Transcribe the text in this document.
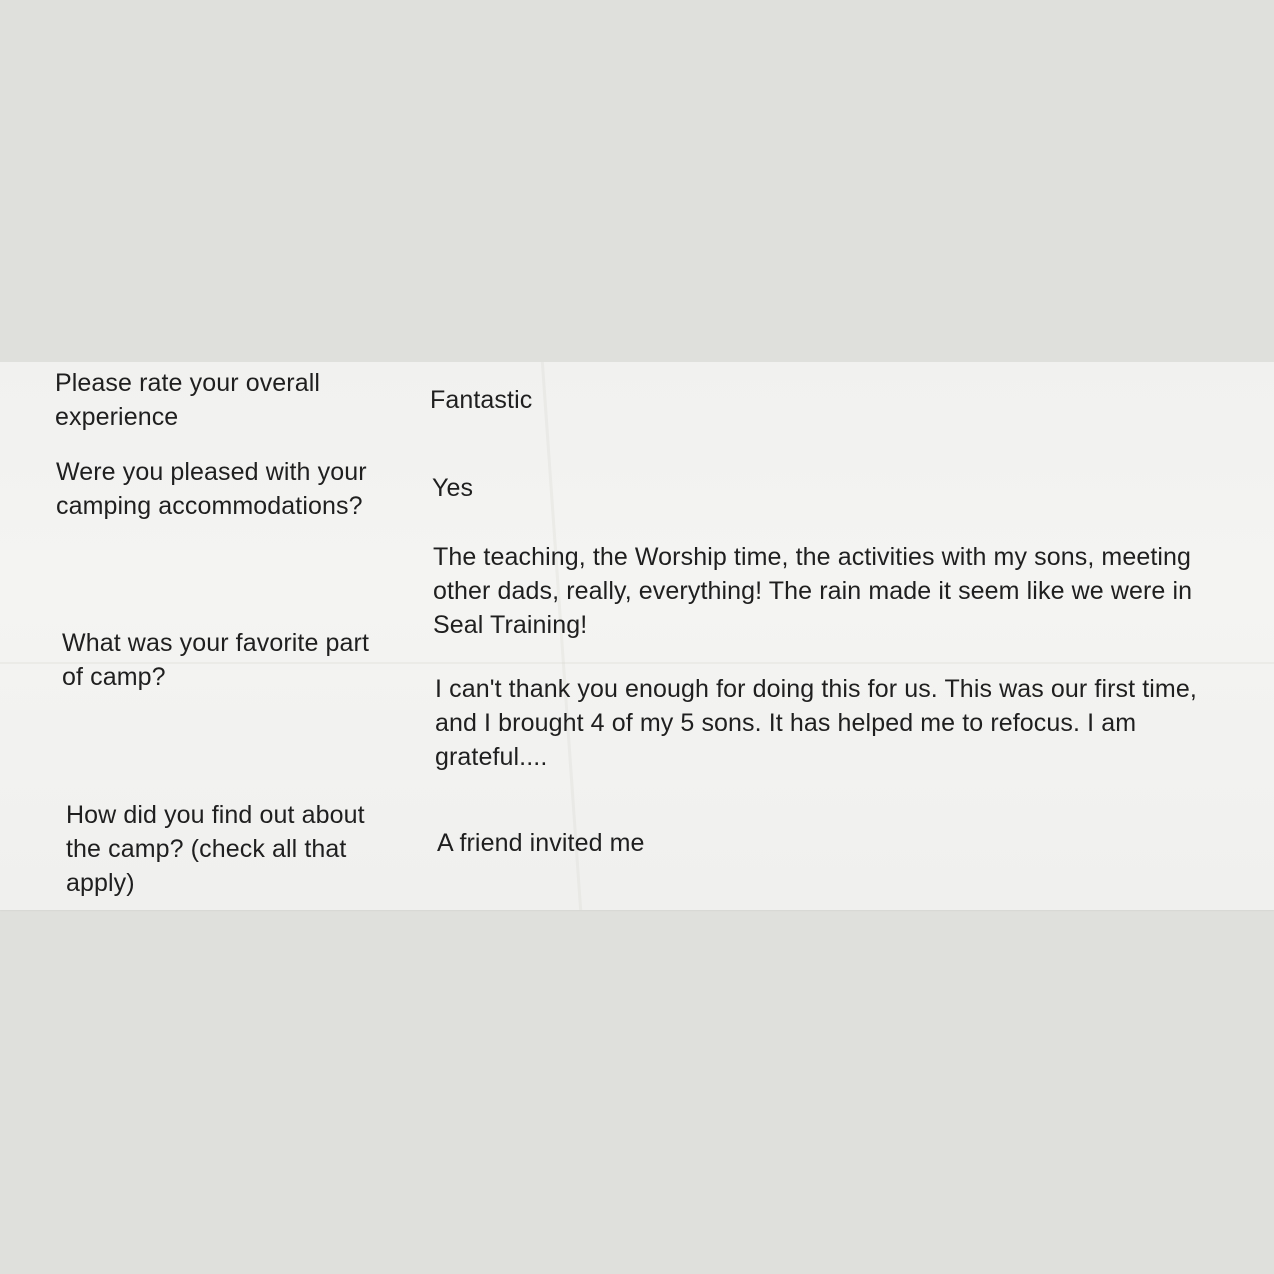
Please rate your overall
experience
Fantastic
Were you pleased with your
camping accommodations?
Yes
What was your favorite part
of camp?
The teaching, the Worship time, the activities with my sons, meeting
other dads, really, everything! The rain made it seem like we were in
Seal Training!
I can't thank you enough for doing this for us. This was our first time,
and I brought 4 of my 5 sons. It has helped me to refocus. I am
grateful....
How did you find out about
the camp? (check all that
apply)
A friend invited me
